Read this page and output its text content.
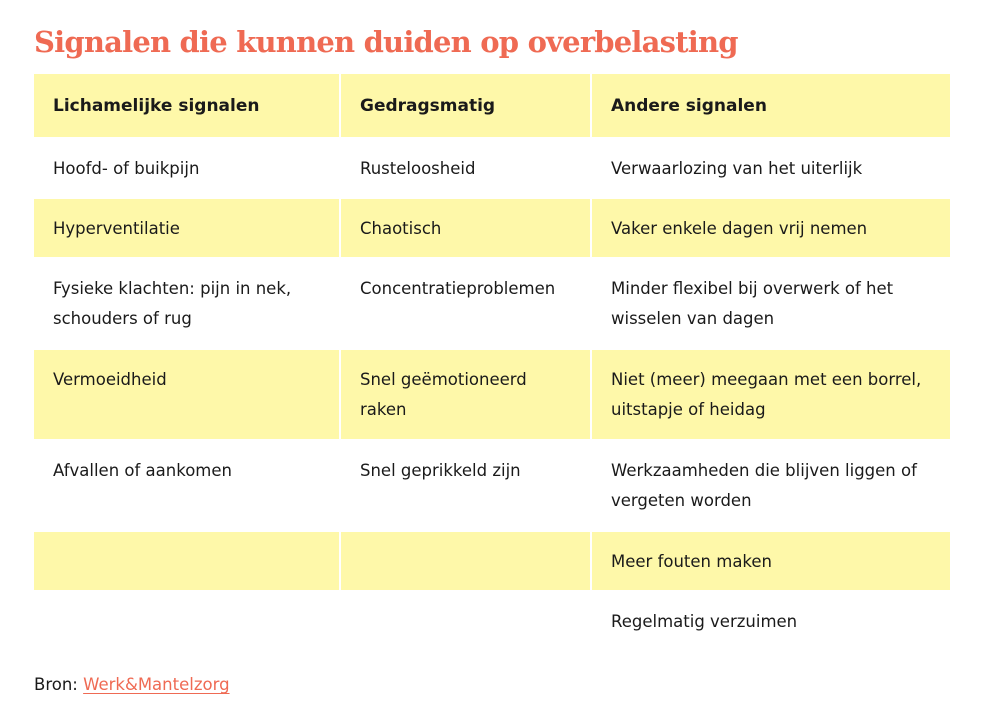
Signalen die kunnen duiden op overbelasting
Lichamelijke signalen	Gedragsmatig	Andere signalen
Hoofd- of buikpijn	Rusteloosheid	Verwaarlozing van het uiterlijk
Hyperventilatie	Chaotisch	Vaker enkele dagen vrij nemen
Fysieke klachten: pijn in nek, schouders of rug	Concentratieproblemen	Minder flexibel bij overwerk of het wisselen van dagen
Vermoeidheid	Snel geëmotioneerd raken	Niet (meer) meegaan met een borrel, uitstapje of heidag
Afvallen of aankomen	Snel geprikkeld zijn	Werkzaamheden die blijven liggen of vergeten worden
		Meer fouten maken
		Regelmatig verzuimen
Bron: Werk&Mantelzorg
